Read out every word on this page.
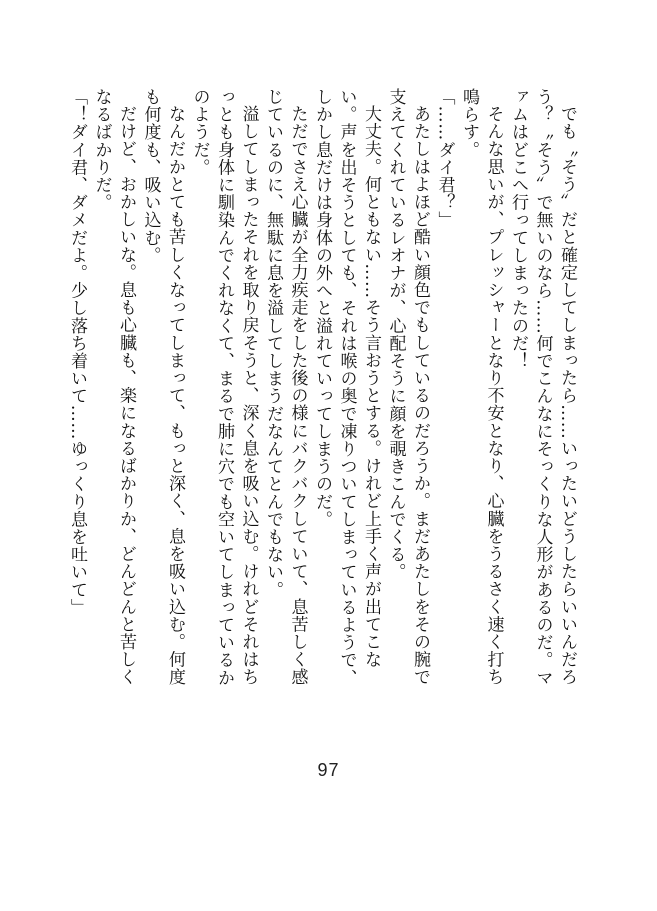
でも〝そう〟だと確定してしまったら……いったいどうしたらいいんだろう？〝そう〟で無いのなら……何でこんなにそっくりな人形があるのだ。マァムはどこへ行ってしまったのだ！

そんな思いが、プレッシャーとなり不安となり、心臓をうるさく速く打ち鳴らす。

「……ダイ君？」

あたしはよほど酷い顔色でもしているのだろうか。まだあたしをその腕で支えてくれているレオナが、心配そうに顔を覗きこんでくる。

大丈夫。何ともない……そう言おうとする。けれど上手く声が出てこない。声を出そうとしても、それは喉の奥で凍りついてしまっているようで、しかし息だけは身体の外へと溢れていってしまうのだ。

ただでさえ心臓が全力疾走をした後の様にバクバクしていて、息苦しく感じているのに、無駄に息を溢してしまうだなんてとんでもない。

溢してしまったそれを取り戻そうと、深く息を吸い込む。けれどそれはちっとも身体に馴染んでくれなくて、まるで肺に穴でも空いてしまっているかのようだ。

なんだかとても苦しくなってしまって、もっと深く、息を吸い込む。何度も何度も、吸い込む。

だけど、おかしいな。息も心臓も、楽になるばかりか、どんどんと苦しくなるばかりだ。

「！ダイ君、ダメだよ。少し落ち着いて……ゆっくり息を吐いて」

97
